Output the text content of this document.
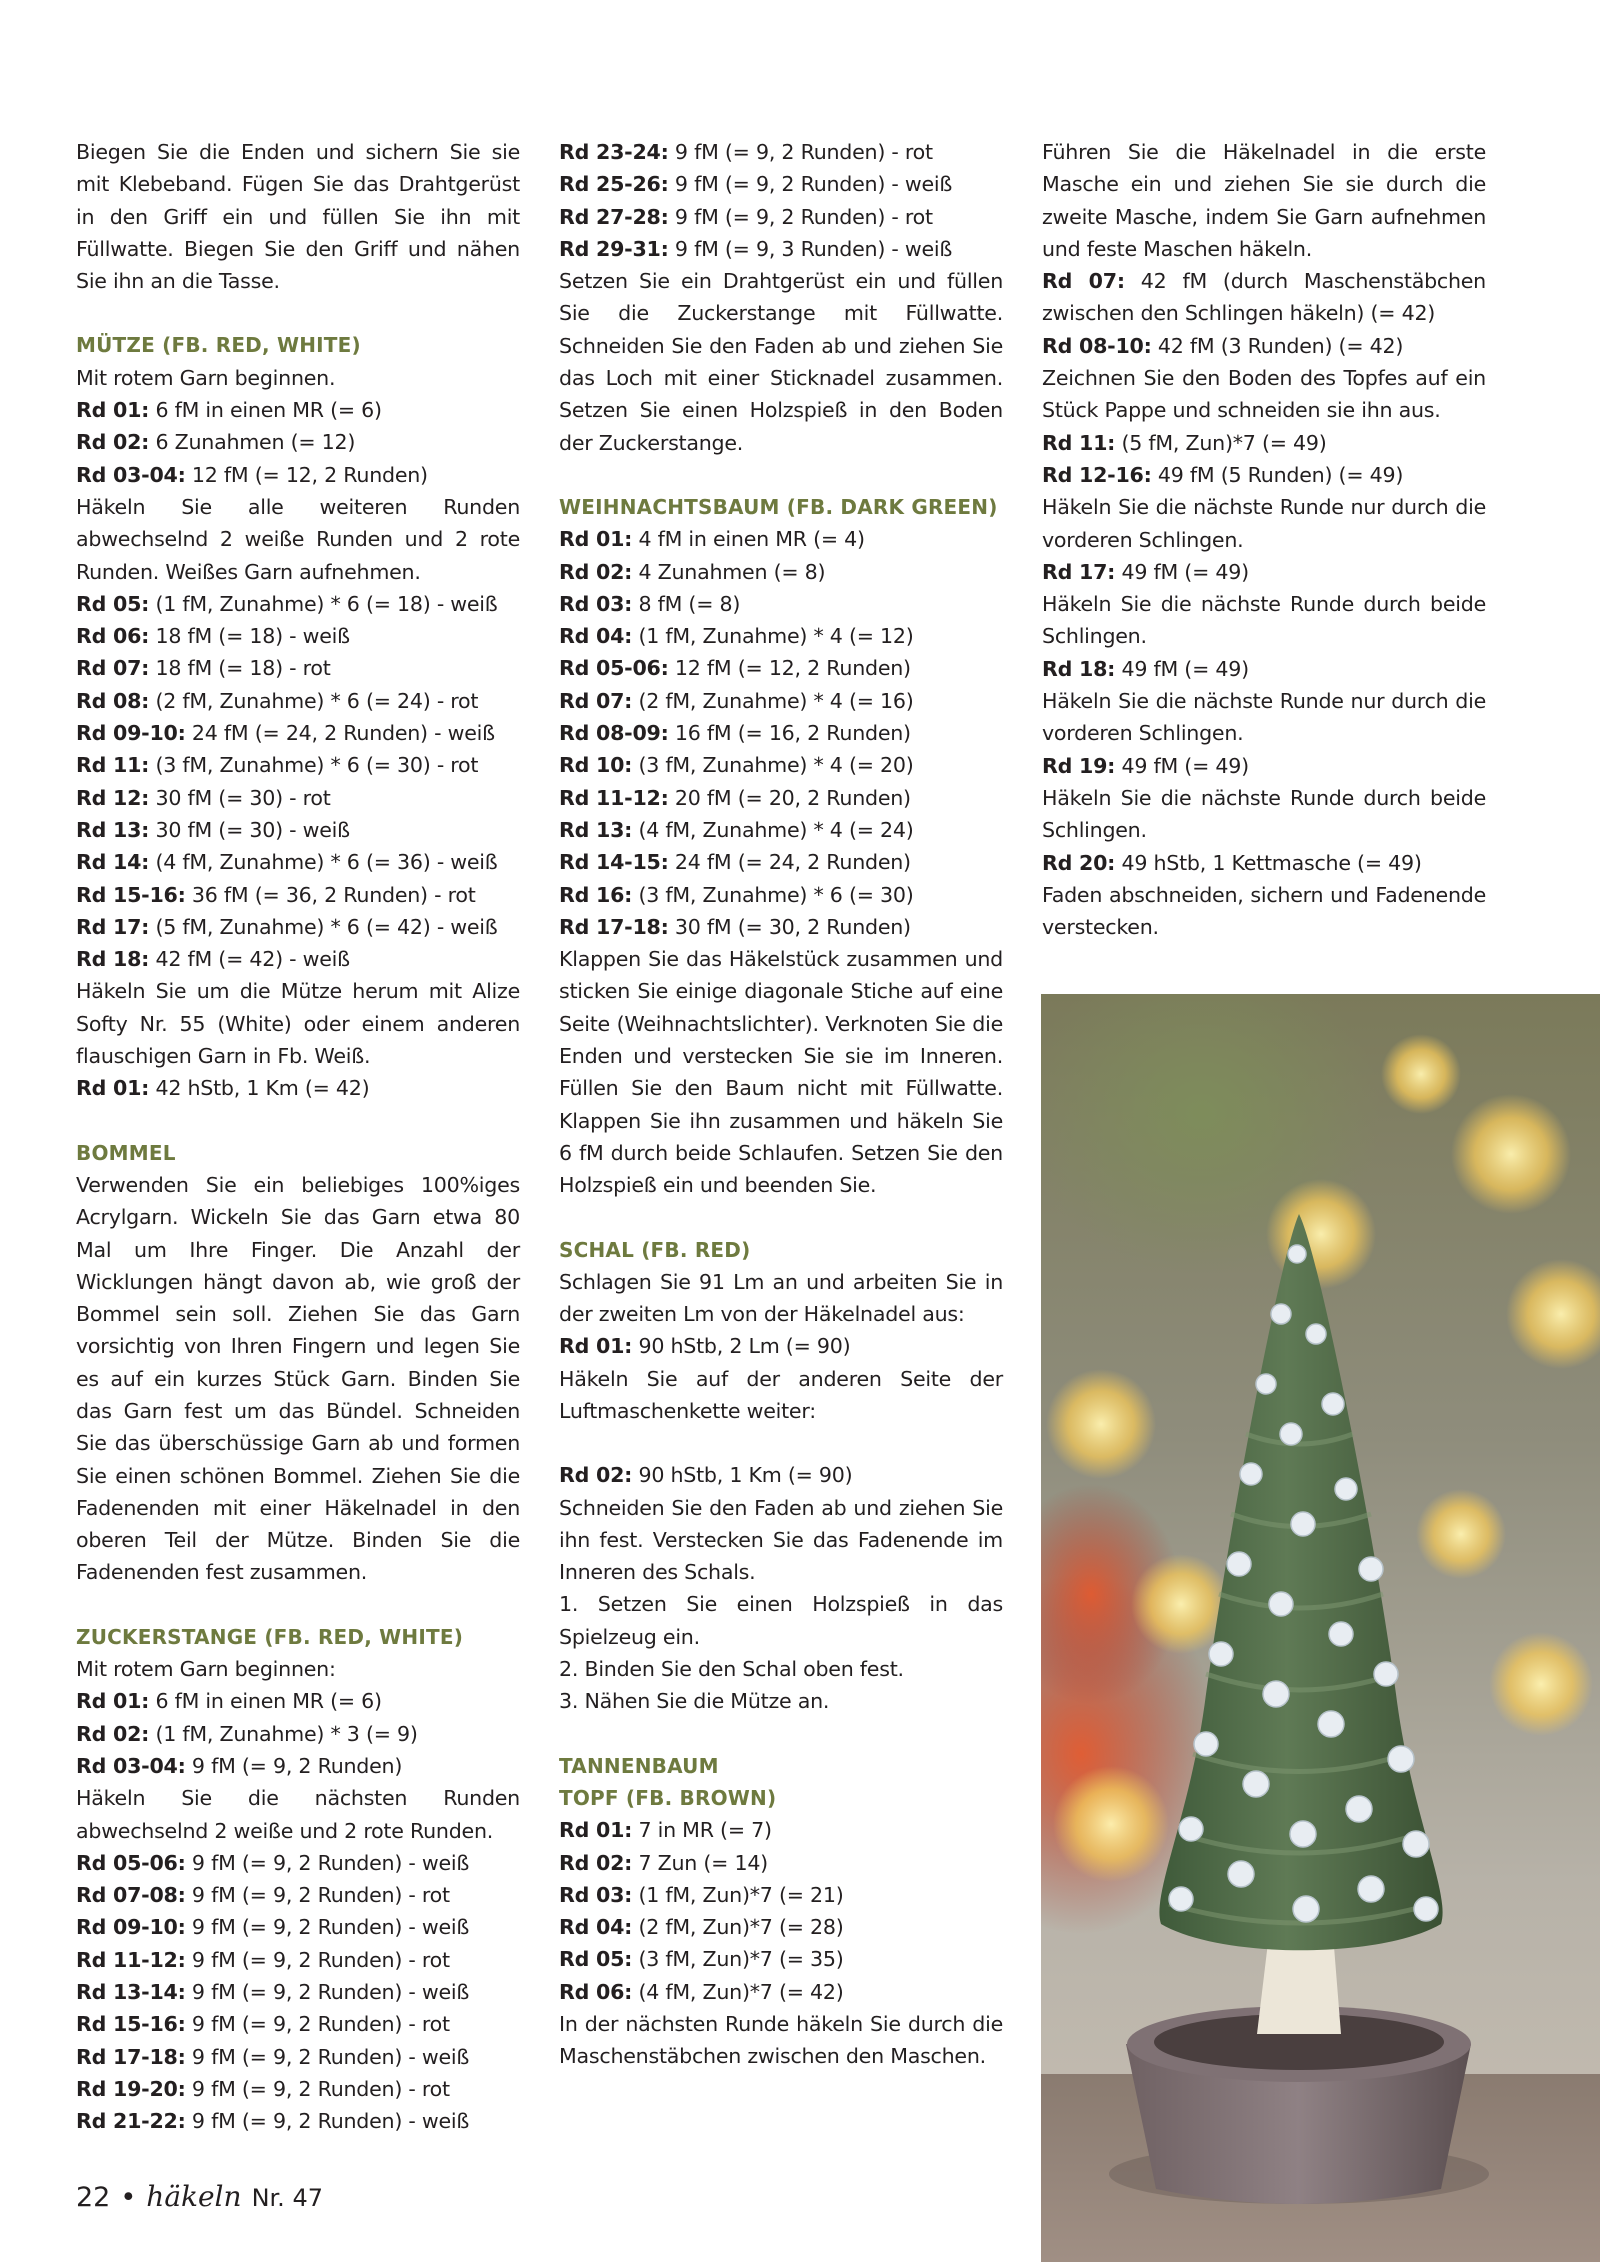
Biegen Sie die Enden und sichern Sie sie mit Klebeband. Fügen Sie das Drahtgerüst in den Griff ein und füllen Sie ihn mit Füllwatte. Biegen Sie den Griff und nähen Sie ihn an die Tasse.

MÜTZE (FB. RED, WHITE)

Mit rotem Garn beginnen.

Rd 01: 6 fM in einen MR (= 6)

Rd 02: 6 Zunahmen (= 12)

Rd 03-04: 12 fM (= 12, 2 Runden)

Häkeln Sie alle weiteren Runden abwechselnd 2 weiße Runden und 2 rote Runden. Weißes Garn aufnehmen.

Rd 05: (1 fM, Zunahme) * 6 (= 18) - weiß

Rd 06: 18 fM (= 18) - weiß

Rd 07: 18 fM (= 18) - rot

Rd 08: (2 fM, Zunahme) * 6 (= 24) - rot

Rd 09-10: 24 fM (= 24, 2 Runden) - weiß

Rd 11: (3 fM, Zunahme) * 6 (= 30) - rot

Rd 12: 30 fM (= 30) - rot

Rd 13: 30 fM (= 30) - weiß

Rd 14: (4 fM, Zunahme) * 6 (= 36) - weiß

Rd 15-16: 36 fM (= 36, 2 Runden) - rot

Rd 17: (5 fM, Zunahme) * 6 (= 42) - weiß

Rd 18: 42 fM (= 42) - weiß

Häkeln Sie um die Mütze herum mit Alize Softy Nr. 55 (White) oder einem anderen flauschigen Garn in Fb. Weiß.

Rd 01: 42 hStb, 1 Km (= 42)

BOMMEL

Verwenden Sie ein beliebiges 100%iges Acrylgarn. Wickeln Sie das Garn etwa 80 Mal um Ihre Finger. Die Anzahl der Wicklungen hängt davon ab, wie groß der Bommel sein soll. Ziehen Sie das Garn vorsichtig von Ihren Fingern und legen Sie es auf ein kurzes Stück Garn. Binden Sie das Garn fest um das Bündel. Schneiden Sie das überschüssige Garn ab und formen Sie einen schönen Bommel. Ziehen Sie die Fadenenden mit einer Häkelnadel in den oberen Teil der Mütze. Binden Sie die Fadenenden fest zusammen.

ZUCKERSTANGE (FB. RED, WHITE)

Mit rotem Garn beginnen:

Rd 01: 6 fM in einen MR (= 6)

Rd 02: (1 fM, Zunahme) * 3 (= 9)

Rd 03-04: 9 fM (= 9, 2 Runden)

Häkeln Sie die nächsten Runden abwechselnd 2 weiße und 2 rote Runden.

Rd 05-06: 9 fM (= 9, 2 Runden) - weiß

Rd 07-08: 9 fM (= 9, 2 Runden) - rot

Rd 09-10: 9 fM (= 9, 2 Runden) - weiß

Rd 11-12: 9 fM (= 9, 2 Runden) - rot

Rd 13-14: 9 fM (= 9, 2 Runden) - weiß

Rd 15-16: 9 fM (= 9, 2 Runden) - rot

Rd 17-18: 9 fM (= 9, 2 Runden) - weiß

Rd 19-20: 9 fM (= 9, 2 Runden) - rot

Rd 21-22: 9 fM (= 9, 2 Runden) - weiß

Rd 23-24: 9 fM (= 9, 2 Runden) - rot

Rd 25-26: 9 fM (= 9, 2 Runden) - weiß

Rd 27-28: 9 fM (= 9, 2 Runden) - rot

Rd 29-31: 9 fM (= 9, 3 Runden) - weiß

Setzen Sie ein Drahtgerüst ein und füllen Sie die Zuckerstange mit Füllwatte. Schneiden Sie den Faden ab und ziehen Sie das Loch mit einer Sticknadel zusammen. Setzen Sie einen Holzspieß in den Boden der Zuckerstange.

WEIHNACHTSBAUM (FB. DARK GREEN)

Rd 01: 4 fM in einen MR (= 4)

Rd 02: 4 Zunahmen (= 8)

Rd 03: 8 fM (= 8)

Rd 04: (1 fM, Zunahme) * 4 (= 12)

Rd 05-06: 12 fM (= 12, 2 Runden)

Rd 07: (2 fM, Zunahme) * 4 (= 16)

Rd 08-09: 16 fM (= 16, 2 Runden)

Rd 10: (3 fM, Zunahme) * 4 (= 20)

Rd 11-12: 20 fM (= 20, 2 Runden)

Rd 13: (4 fM, Zunahme) * 4 (= 24)

Rd 14-15: 24 fM (= 24, 2 Runden)

Rd 16: (3 fM, Zunahme) * 6 (= 30)

Rd 17-18: 30 fM (= 30, 2 Runden)

Klappen Sie das Häkelstück zusammen und sticken Sie einige diagonale Stiche auf eine Seite (Weihnachtslichter). Verknoten Sie die Enden und verstecken Sie sie im Inneren. Füllen Sie den Baum nicht mit Füllwatte. Klappen Sie ihn zusammen und häkeln Sie 6 fM durch beide Schlaufen. Setzen Sie den Holzspieß ein und beenden Sie.

SCHAL (FB. RED)

Schlagen Sie 91 Lm an und arbeiten Sie in der zweiten Lm von der Häkelnadel aus:

Rd 01: 90 hStb, 2 Lm (= 90)

Häkeln Sie auf der anderen Seite der Luftmaschenkette weiter:

Rd 02: 90 hStb, 1 Km (= 90)

Schneiden Sie den Faden ab und ziehen Sie ihn fest. Verstecken Sie das Fadenende im Inneren des Schals.

1. Setzen Sie einen Holzspieß in das Spielzeug ein.

2. Binden Sie den Schal oben fest.

3. Nähen Sie die Mütze an.

TANNENBAUM

TOPF (FB. BROWN)

Rd 01: 7 in MR (= 7)

Rd 02: 7 Zun (= 14)

Rd 03: (1 fM, Zun)*7 (= 21)

Rd 04: (2 fM, Zun)*7 (= 28)

Rd 05: (3 fM, Zun)*7 (= 35)

Rd 06: (4 fM, Zun)*7 (= 42)

In der nächsten Runde häkeln Sie durch die Maschenstäbchen zwischen den Maschen.

Führen Sie die Häkelnadel in die erste Masche ein und ziehen Sie sie durch die zweite Masche, indem Sie Garn aufnehmen und feste Maschen häkeln.

Rd 07: 42 fM (durch Maschenstäbchen zwischen den Schlingen häkeln) (= 42)

Rd 08-10: 42 fM (3 Runden) (= 42)

Zeichnen Sie den Boden des Topfes auf ein Stück Pappe und schneiden sie ihn aus.

Rd 11: (5 fM, Zun)*7 (= 49)

Rd 12-16: 49 fM (5 Runden) (= 49)

Häkeln Sie die nächste Runde nur durch die vorderen Schlingen.

Rd 17: 49 fM (= 49)

Häkeln Sie die nächste Runde durch beide Schlingen.

Rd 18: 49 fM (= 49)

Häkeln Sie die nächste Runde nur durch die vorderen Schlingen.

Rd 19: 49 fM (= 49)

Häkeln Sie die nächste Runde durch beide Schlingen.

Rd 20: 49 hStb, 1 Kettmasche (= 49)

Faden abschneiden, sichern und Fadenende verstecken.

22 • häkeln Nr. 47
